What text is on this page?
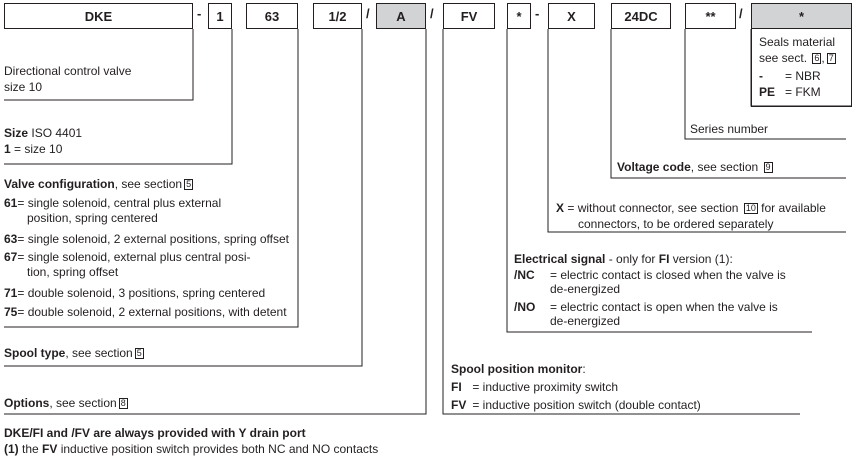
DKE	-	1	63	1/2	/	A	/	FV	*	-	X	24DC	**	/	*
Directional control valve
size 10
Size ISO 4401
1 = size 10
Valve configuration, see section 5
61= single solenoid, central plus external
position, spring centered
63= single solenoid, 2 external positions, spring offset
67= single solenoid, external plus central posi-
tion, spring offset
71= double solenoid, 3 positions, spring centered
75= double solenoid, 2 external positions, with detent
Spool type, see section 5
Options, see section 8
DKE/FI and /FV are always provided with Y drain port
(1) the FV inductive position switch provides both NC and NO contacts
Seals material
see sect. 6 , 7
- = NBR
PE = FKM
Series number
Voltage code, see section 9
X = without connector, see section 10 for available
connectors, to be ordered separately
Electrical signal - only for FI version (1):
/NC = electric contact is closed when the valve is
de-energized
/NO = electric contact is open when the valve is
de-energized
Spool position monitor:
FI = inductive proximity switch
FV = inductive position switch (double contact)
